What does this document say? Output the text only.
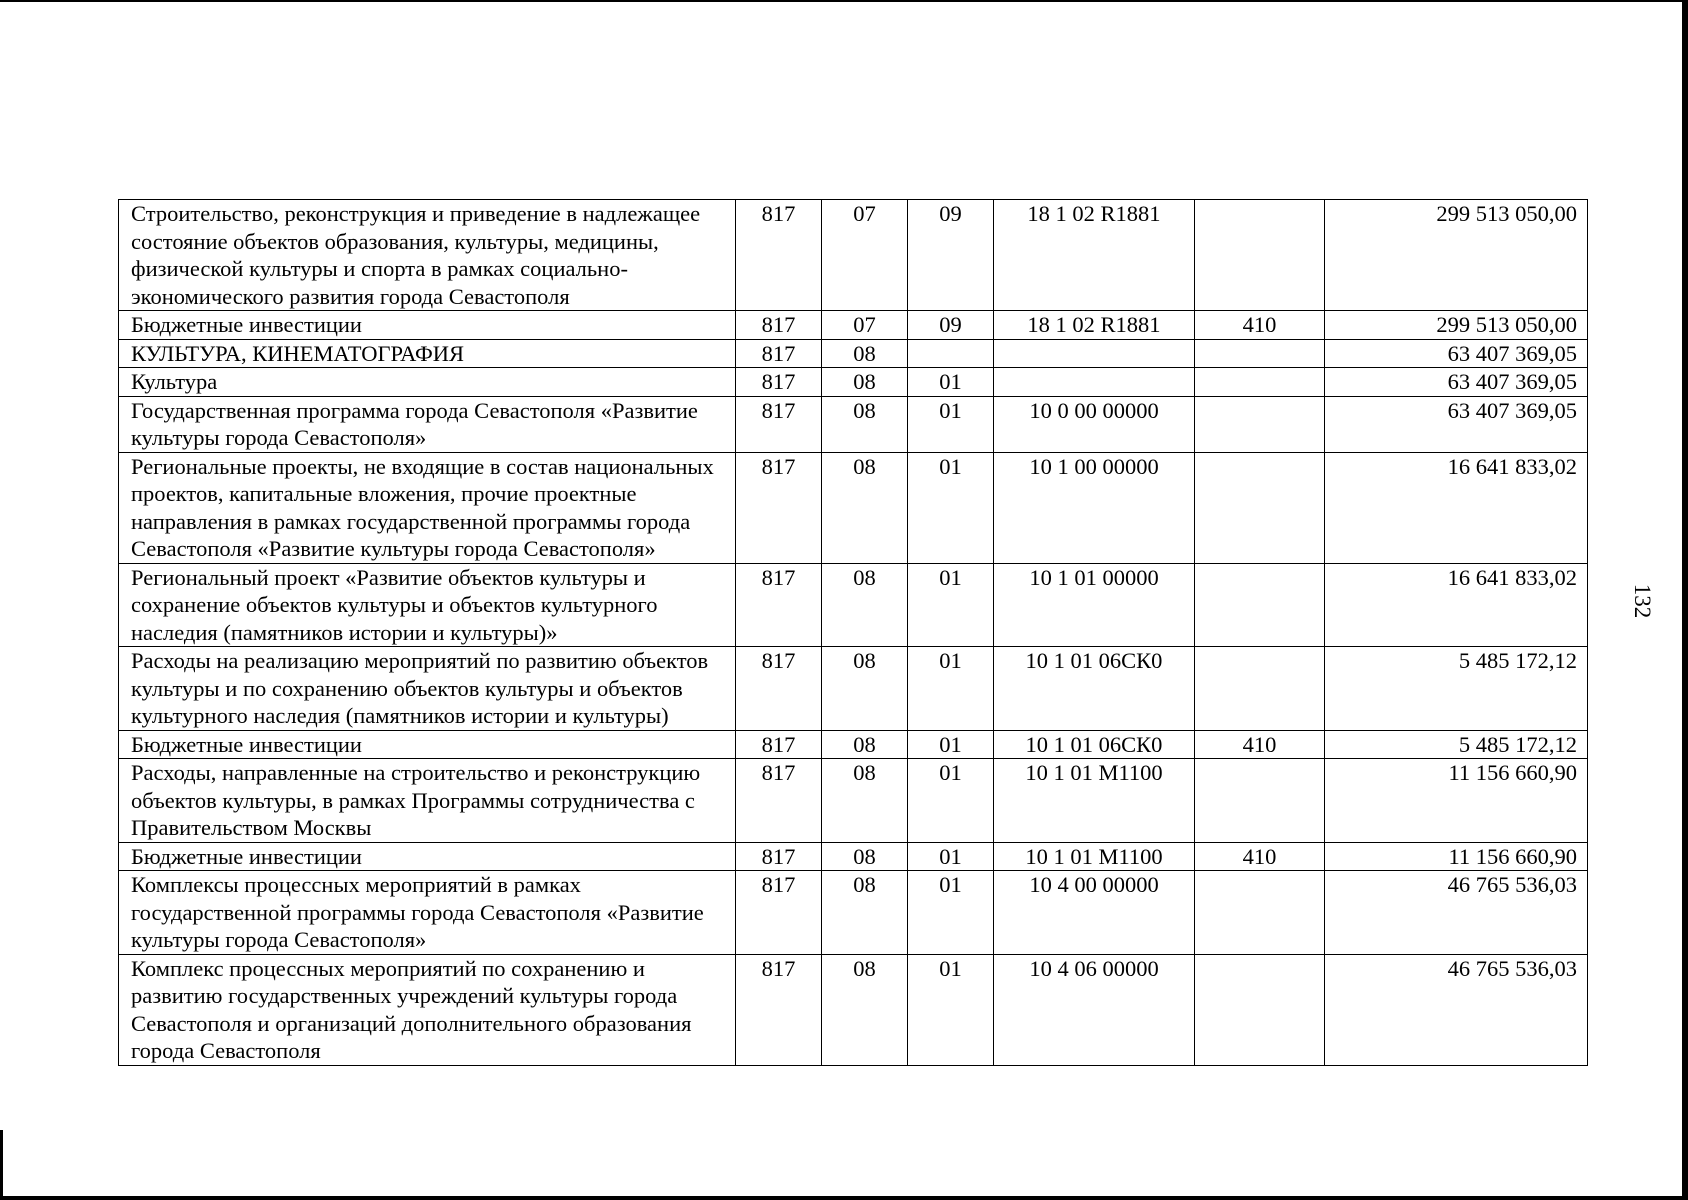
132
Строительство, реконструкция и приведение в надлежащее состояние объектов образования, культуры, медицины, физической культуры и спорта в рамках социально-экономического развития города Севастополя	817	07	09	18 1 02 R1881		299 513 050,00
Бюджетные инвестиции	817	07	09	18 1 02 R1881	410	299 513 050,00
КУЛЬТУРА, КИНЕМАТОГРАФИЯ	817	08				63 407 369,05
Культура	817	08	01			63 407 369,05
Государственная программа города Севастополя «Развитие культуры города Севастополя»	817	08	01	10 0 00 00000		63 407 369,05
Региональные проекты, не входящие в состав национальных проектов, капитальные вложения, прочие проектные направления в рамках государственной программы города Севастополя «Развитие культуры города Севастополя»	817	08	01	10 1 00 00000		16 641 833,02
Региональный проект «Развитие объектов культуры и сохранение объектов культуры и объектов культурного наследия (памятников истории и культуры)»	817	08	01	10 1 01 00000		16 641 833,02
Расходы на реализацию мероприятий по развитию объектов культуры и по сохранению объектов культуры и объектов культурного наследия (памятников истории и культуры)	817	08	01	10 1 01 06СК0		5 485 172,12
Бюджетные инвестиции	817	08	01	10 1 01 06СК0	410	5 485 172,12
Расходы, направленные на строительство и реконструкцию объектов культуры, в рамках Программы сотрудничества с Правительством Москвы	817	08	01	10 1 01 M1100		11 156 660,90
Бюджетные инвестиции	817	08	01	10 1 01 M1100	410	11 156 660,90
Комплексы процессных мероприятий в рамках государственной программы города Севастополя «Развитие культуры города Севастополя»	817	08	01	10 4 00 00000		46 765 536,03
Комплекс процессных мероприятий по сохранению и развитию государственных учреждений культуры города Севастополя и организаций дополнительного образования города Севастополя	817	08	01	10 4 06 00000		46 765 536,03
